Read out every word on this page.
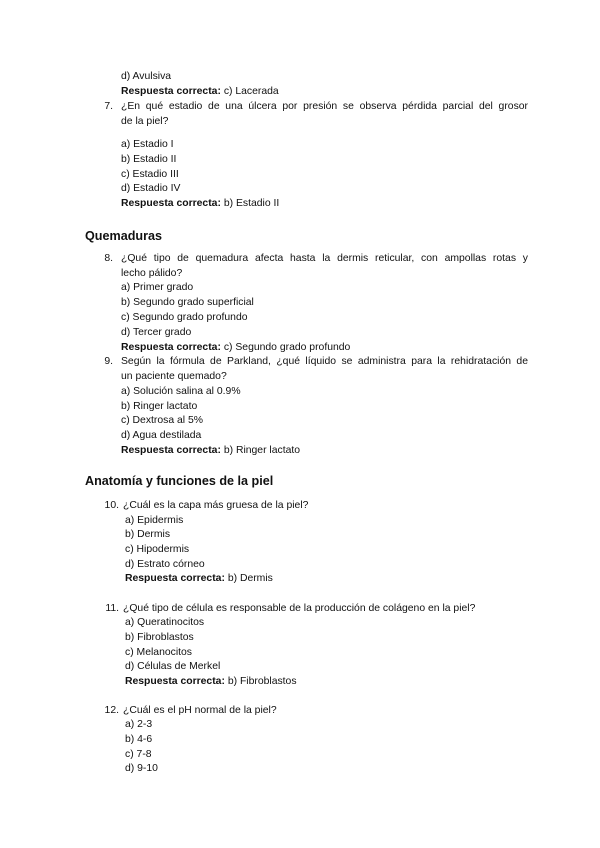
d) Avulsiva
Respuesta correcta: c) Lacerada
7. ¿En qué estadio de una úlcera por presión se observa pérdida parcial del grosor
de la piel?
a) Estadio I
b) Estadio II
c) Estadio III
d) Estadio IV
Respuesta correcta: b) Estadio II
Quemaduras
8. ¿Qué tipo de quemadura afecta hasta la dermis reticular, con ampollas rotas y
lecho pálido?
a) Primer grado
b) Segundo grado superficial
c) Segundo grado profundo
d) Tercer grado
Respuesta correcta: c) Segundo grado profundo
9. Según la fórmula de Parkland, ¿qué líquido se administra para la rehidratación de
un paciente quemado?
a) Solución salina al 0.9%
b) Ringer lactato
c) Dextrosa al 5%
d) Agua destilada
Respuesta correcta: b) Ringer lactato
Anatomía y funciones de la piel
10. ¿Cuál es la capa más gruesa de la piel?
a) Epidermis
b) Dermis
c) Hipodermis
d) Estrato córneo
Respuesta correcta: b) Dermis
11. ¿Qué tipo de célula es responsable de la producción de colágeno en la piel?
a) Queratinocitos
b) Fibroblastos
c) Melanocitos
d) Células de Merkel
Respuesta correcta: b) Fibroblastos
12. ¿Cuál es el pH normal de la piel?
a) 2-3
b) 4-6
c) 7-8
d) 9-10
